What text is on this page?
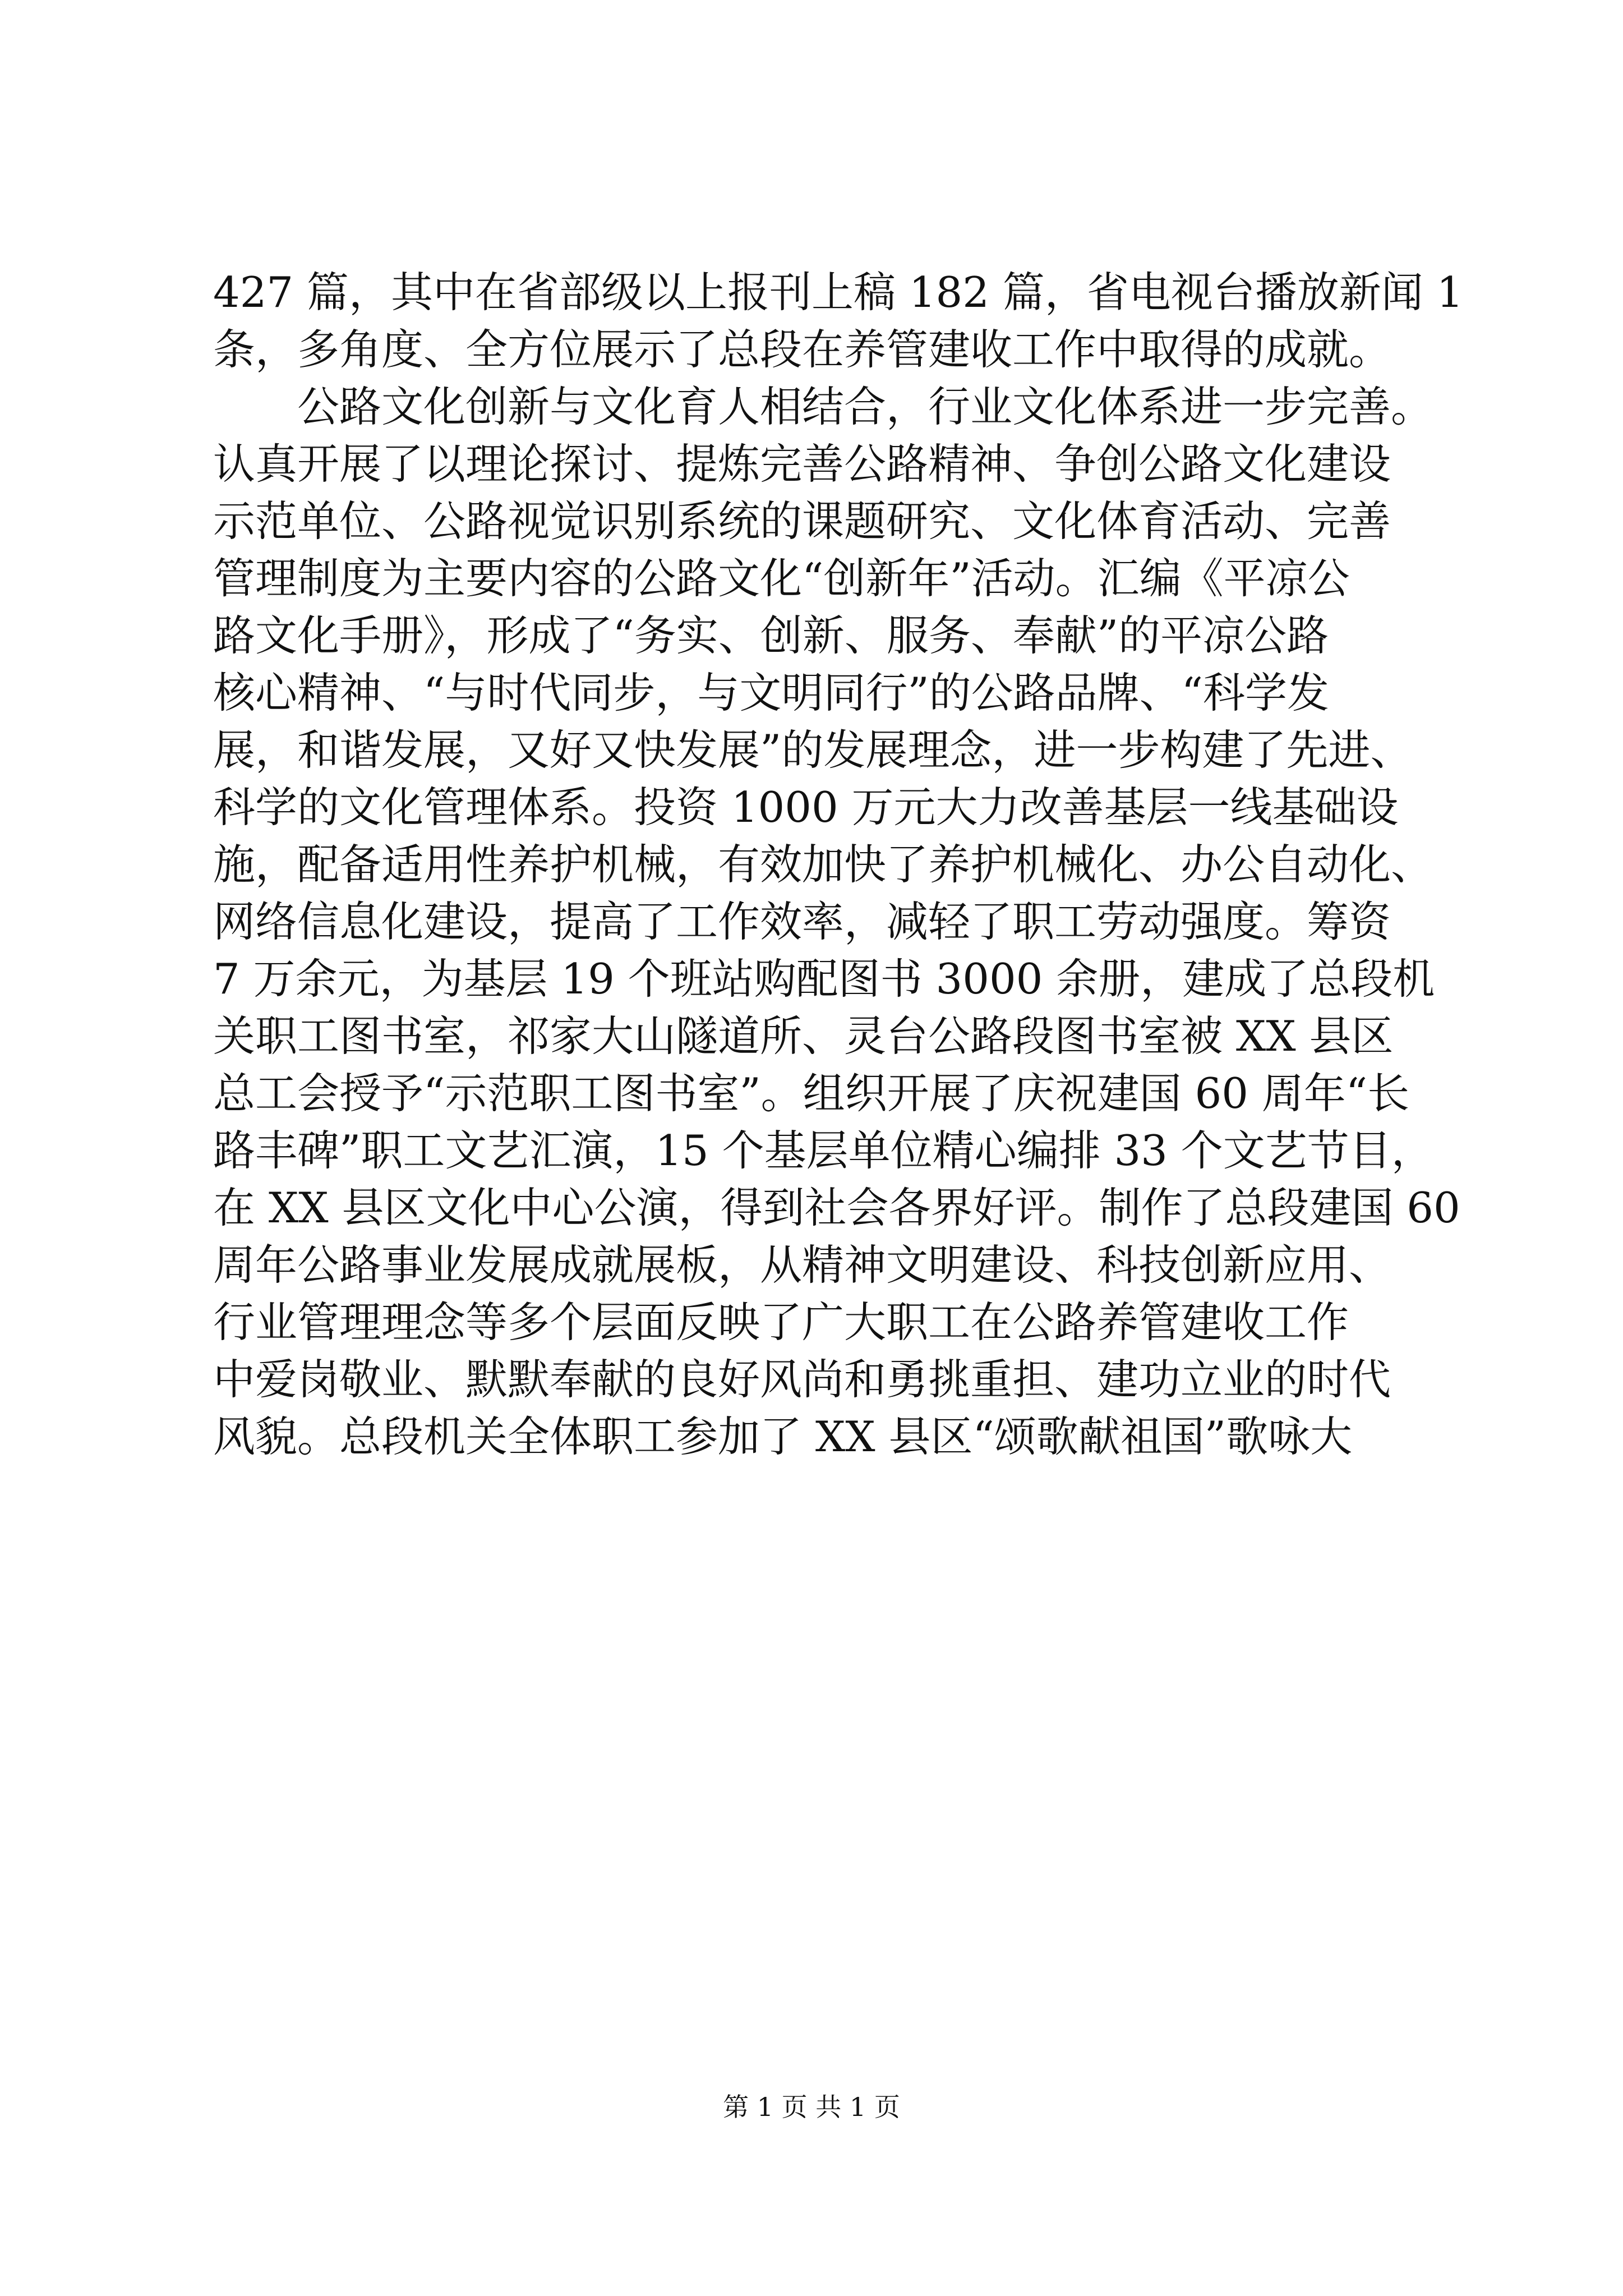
427 篇，其中在省部级以上报刊上稿 182 篇，省电视台播放新闻 1

条，多角度、全方位展示了总段在养管建收工作中取得的成就。

　　公路文化创新与文化育人相结合，行业文化体系进一步完善。

认真开展了以理论探讨、提炼完善公路精神、争创公路文化建设

示范单位、公路视觉识别系统的课题研究、文化体育活动、完善

管理制度为主要内容的公路文化“创新年”活动。汇编《平凉公

路文化手册》，形成了“务实、创新、服务、奉献”的平凉公路

核心精神、“与时代同步，与文明同行”的公路品牌、“科学发

展，和谐发展，又好又快发展”的发展理念，进一步构建了先进、

科学的文化管理体系。投资 1000 万元大力改善基层一线基础设

施，配备适用性养护机械，有效加快了养护机械化、办公自动化、

网络信息化建设，提高了工作效率，减轻了职工劳动强度。筹资

7 万余元，为基层 19 个班站购配图书 3000 余册，建成了总段机

关职工图书室，祁家大山隧道所、灵台公路段图书室被 XX 县区

总工会授予“示范职工图书室”。组织开展了庆祝建国 60 周年“长

路丰碑”职工文艺汇演，15 个基层单位精心编排 33 个文艺节目，

在 XX 县区文化中心公演，得到社会各界好评。制作了总段建国 60

周年公路事业发展成就展板，从精神文明建设、科技创新应用、

行业管理理念等多个层面反映了广大职工在公路养管建收工作

中爱岗敬业、默默奉献的良好风尚和勇挑重担、建功立业的时代

风貌。总段机关全体职工参加了 XX 县区“颂歌献祖国”歌咏大

第 1 页 共 1 页
